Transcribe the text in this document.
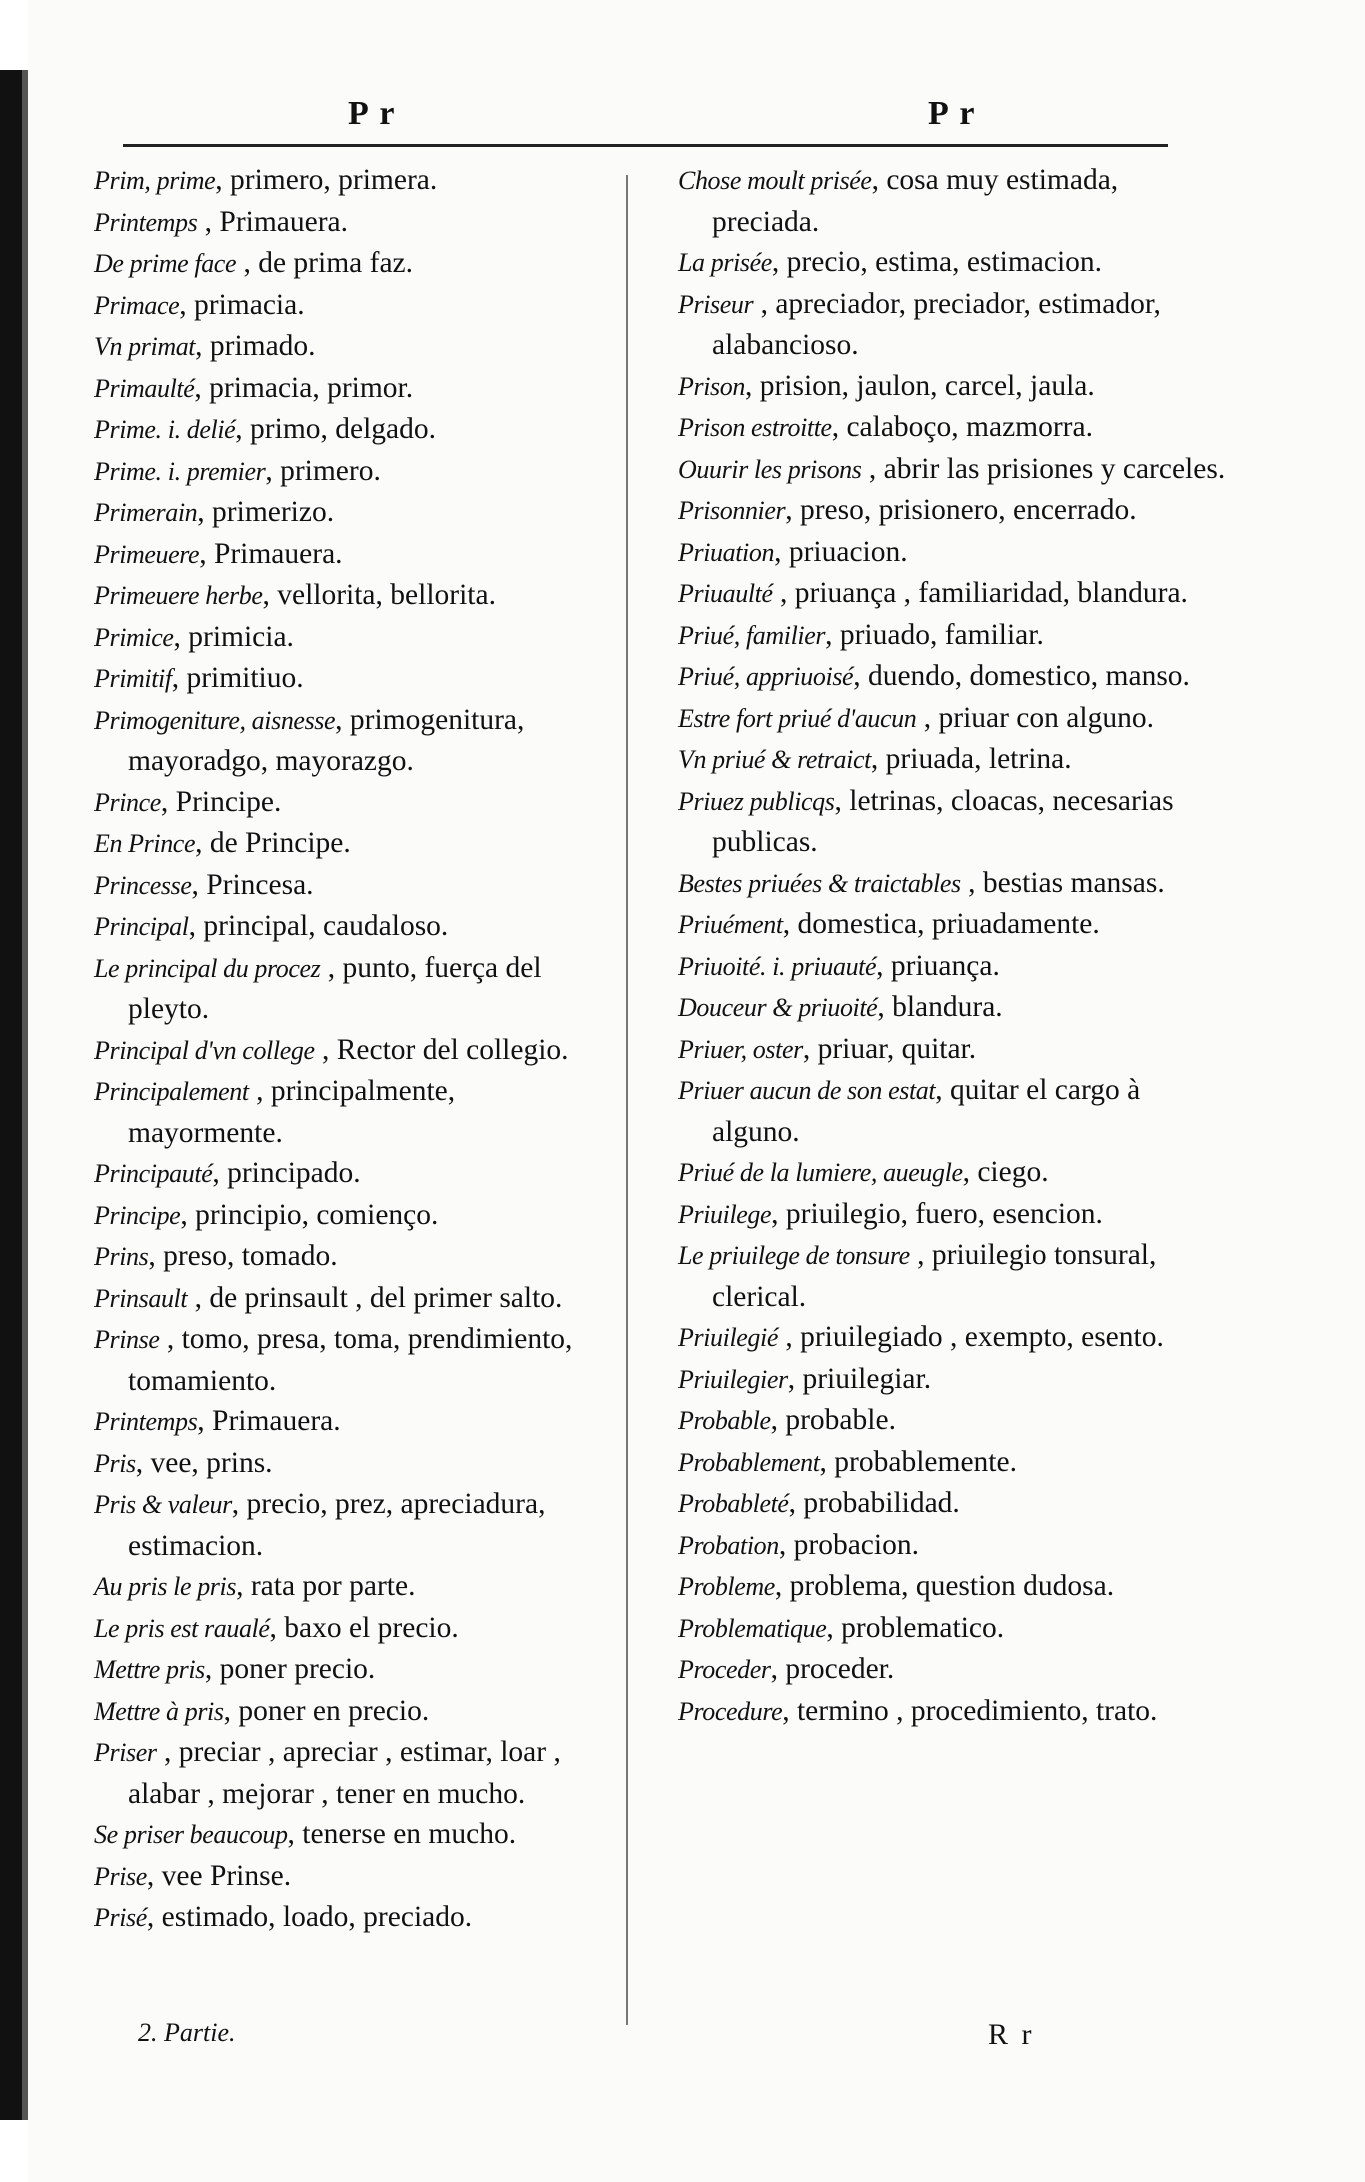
P r	P r
Prim, prime, primero, primera.
Printemps , Primauera.
De prime face , de prima faz.
Primace, primacia.
Vn primat, primado.
Primaulté, primacia, primor.
Prime. i. delié, primo, delgado.
Prime. i. premier, primero.
Primerain, primerizo.
Primeuere, Primauera.
Primeuere herbe, vellorita, bellorita.
Primice, primicia.
Primitif, primitiuo.
Primogeniture, aisnesse, primogenitura, mayoradgo, mayorazgo.
Prince, Principe.
En Prince, de Principe.
Princesse, Princesa.
Principal, principal, caudaloso.
Le principal du procez , punto, fuerça del pleyto.
Principal d'vn college , Rector del collegio.
Principalement , principalmente, mayormente.
Principauté, principado.
Principe, principio, comienço.
Prins, preso, tomado.
Prinsault , de prinsault , del primer salto.
Prinse , tomo, presa, toma, prendimiento, tomamiento.
Printemps, Primauera.
Pris, vee, prins.
Pris & valeur, precio, prez, apreciadura, estimacion.
Au pris le pris, rata por parte.
Le pris est raualé, baxo el precio.
Mettre pris, poner precio.
Mettre à pris, poner en precio.
Priser , preciar , apreciar , estimar, loar , alabar , mejorar , tener en mucho.
Se priser beaucoup, tenerse en mucho.
Prise, vee Prinse.
Prisé, estimado, loado, preciado.
Chose moult prisée, cosa muy estimada, preciada.
La prisée, precio, estima, estimacion.
Priseur , apreciador, preciador, estimador, alabancioso.
Prison, prision, jaulon, carcel, jaula.
Prison estroitte, calaboço, mazmorra.
Ouurir les prisons , abrir las prisiones y carceles.
Prisonnier, preso, prisionero, encerrado.
Priuation, priuacion.
Priuaulté , priuança , familiaridad, blandura.
Priué, familier, priuado, familiar.
Priué, appriuoisé, duendo, domestico, manso.
Estre fort priué d'aucun , priuar con alguno.
Vn priué & retraict, priuada, letrina.
Priuez publicqs, letrinas, cloacas, necesarias publicas.
Bestes priuées & traictables , bestias mansas.
Priuément, domestica, priuadamente.
Priuoité. i. priuauté, priuança.
Douceur & priuoité, blandura.
Priuer, oster, priuar, quitar.
Priuer aucun de son estat, quitar el cargo à alguno.
Priué de la lumiere, aueugle, ciego.
Priuilege, priuilegio, fuero, esencion.
Le priuilege de tonsure , priuilegio tonsural, clerical.
Priuilegié , priuilegiado , exempto, esento.
Priuilegier, priuilegiar.
Probable, probable.
Probablement, probablemente.
Probableté, probabilidad.
Probation, probacion.
Probleme, problema, question dudosa.
Problematique, problematico.
Proceder, proceder.
Procedure, termino , procedimiento, trato.
2. Partie.	R r
